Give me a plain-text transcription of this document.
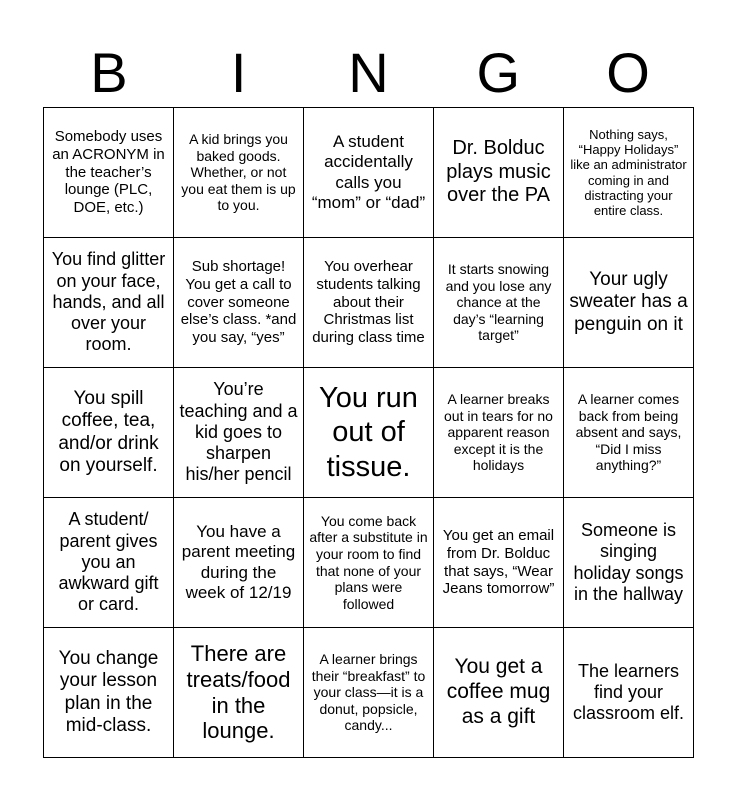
B	I	N	G	O
Somebody uses an ACRONYM in the teacher’s lounge (PLC, DOE, etc.)	A kid brings you baked goods. Whether, or not you eat them is up to you.	A student accidentally calls you “mom” or “dad”	Dr. Bolduc plays music over the PA	Nothing says, “Happy Holidays” like an administrator coming in and distracting your entire class.
You find glitter on your face, hands, and all over your room.	Sub shortage! You get a call to cover someone else’s class. *and you say, “yes”	You overhear students talking about their Christmas list during class time	It starts snowing and you lose any chance at the day’s “learning target”	Your ugly sweater has a penguin on it
You spill coffee, tea, and/or drink on yourself.	You’re teaching and a kid goes to sharpen his/her pencil	You run out of tissue.	A learner breaks out in tears for no apparent reason except it is the holidays	A learner comes back from being absent and says, “Did I miss anything?”
A student/ parent gives you an awkward gift or card.	You have a parent meeting during the week of 12/19	You come back after a substitute in your room to find that none of your plans were followed	You get an email from Dr. Bolduc that says, “Wear Jeans tomorrow”	Someone is singing holiday songs in the hallway
You change your lesson plan in the mid-class.	There are treats/food in the lounge.	A learner brings their “breakfast” to your class—it is a donut, popsicle, candy...	You get a coffee mug as a gift	The learners find your classroom elf.
